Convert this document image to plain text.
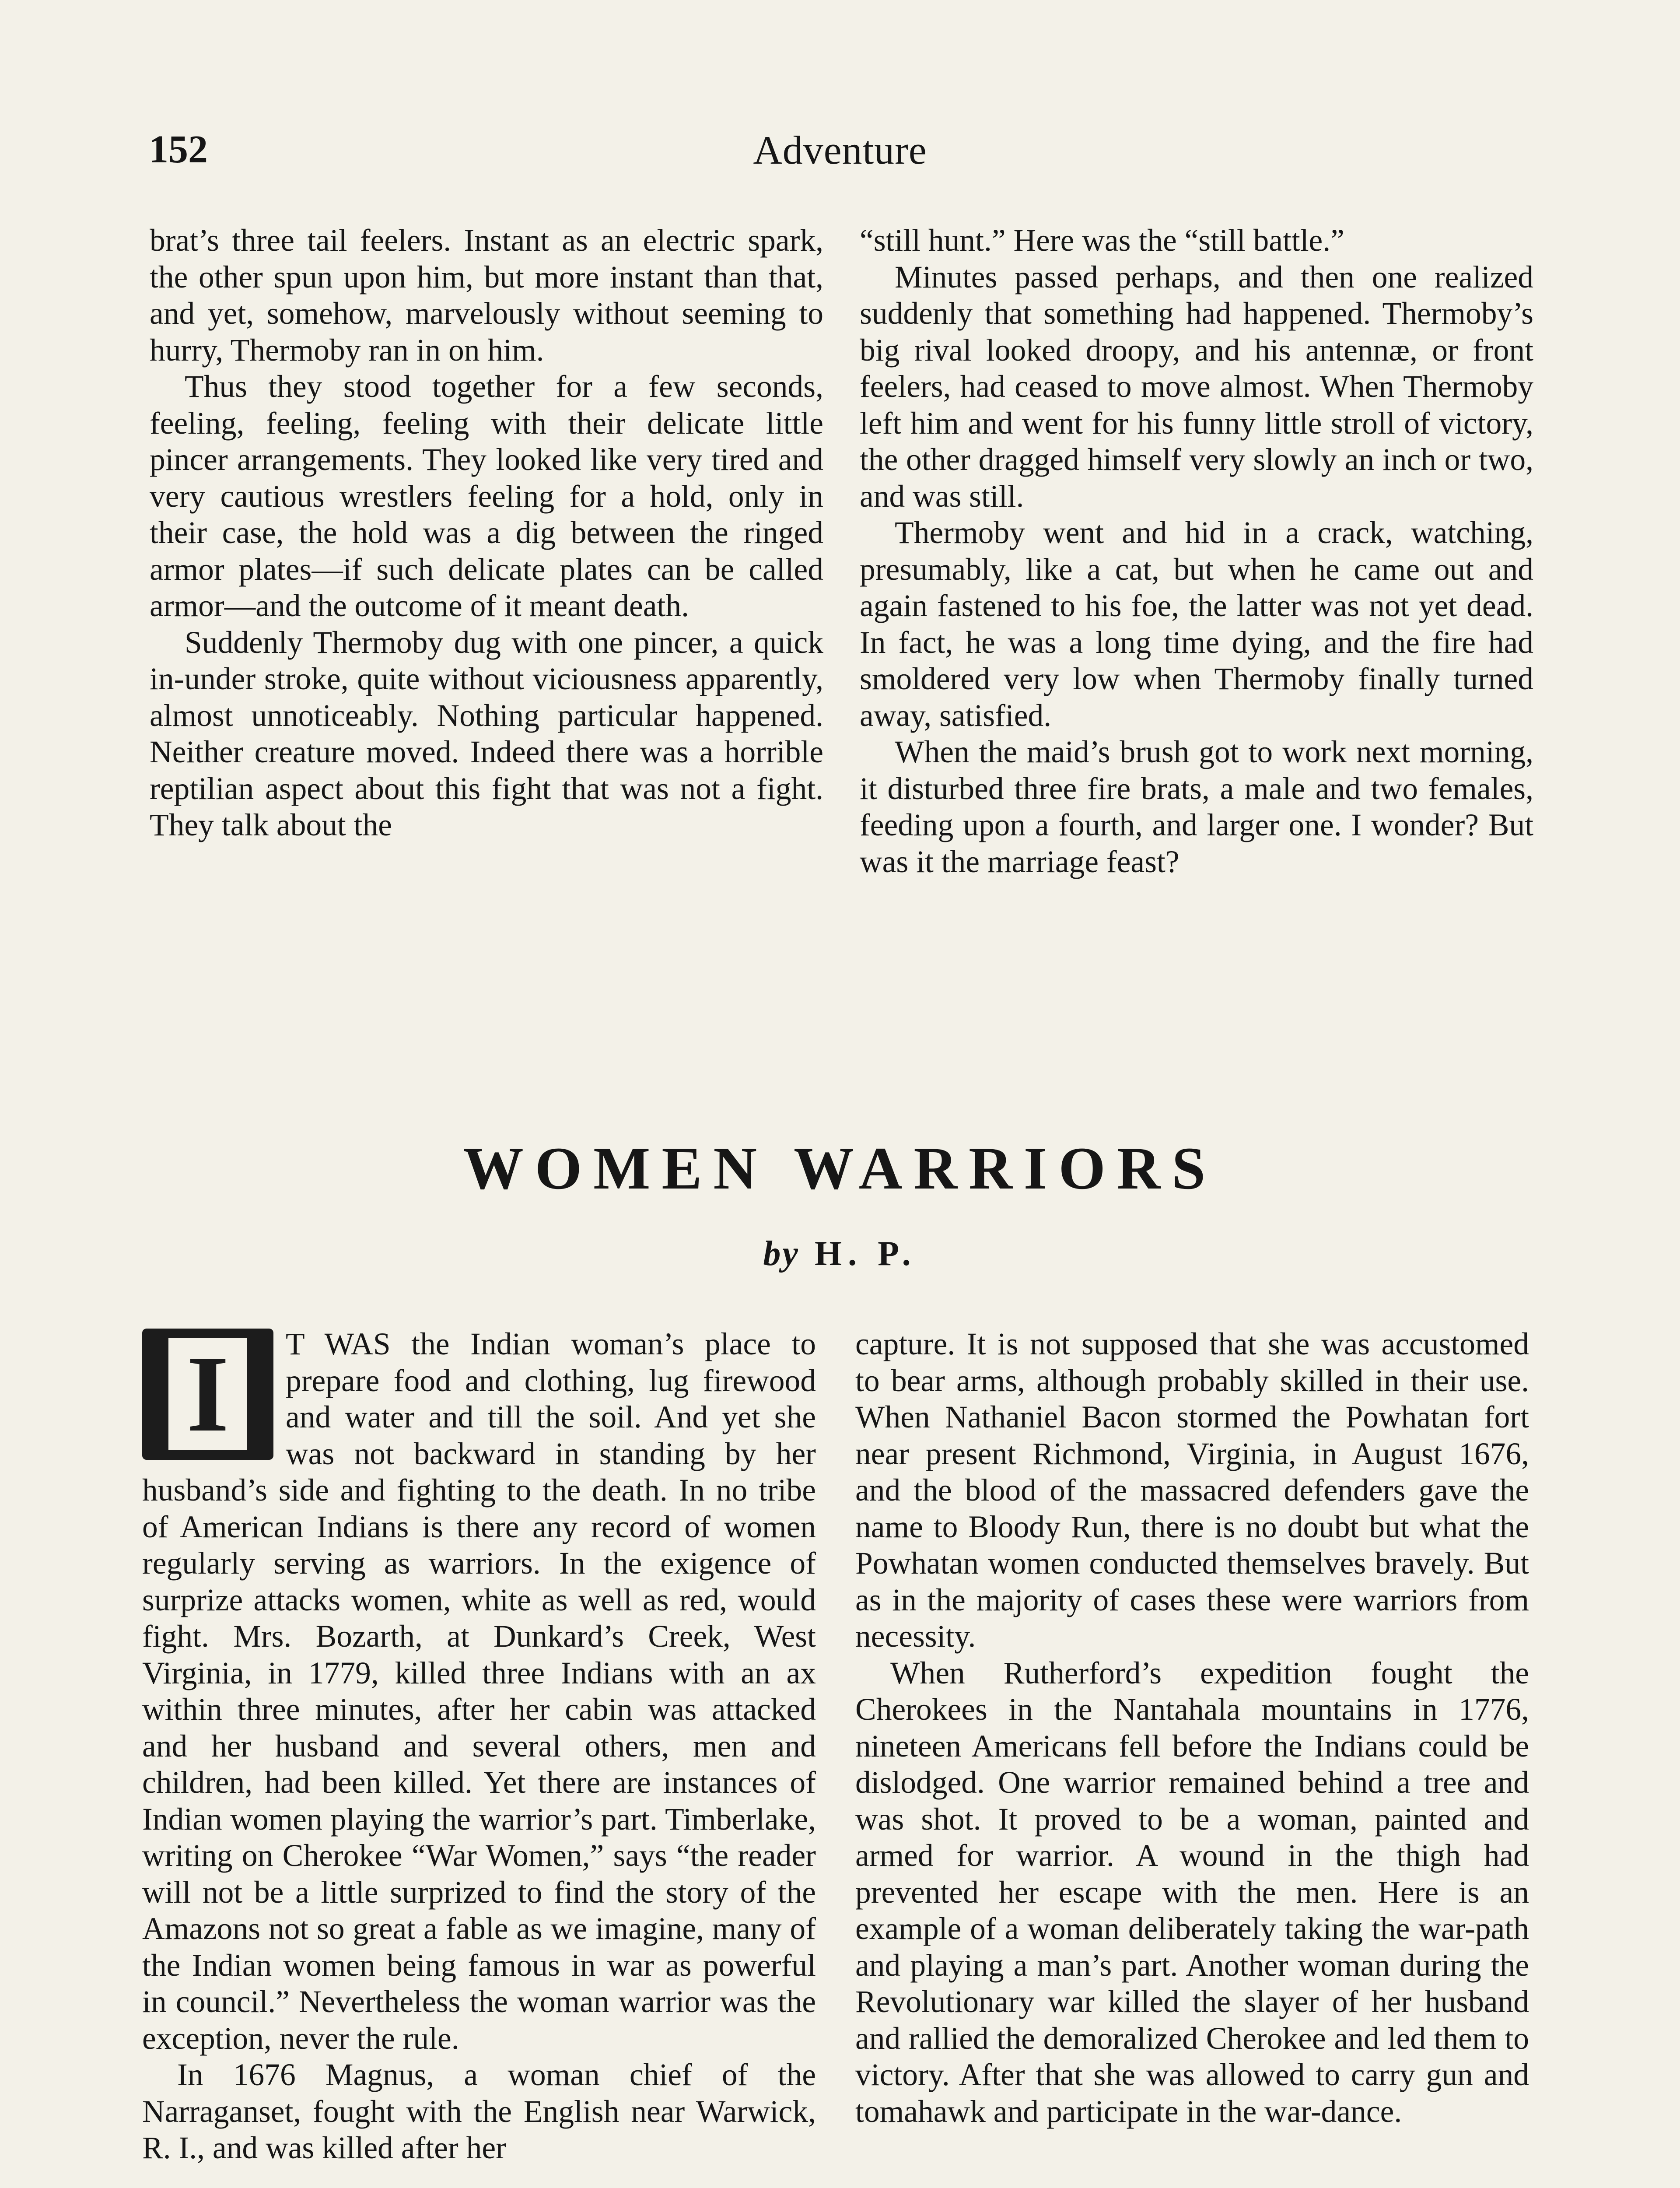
152	Adventure

brat’s three tail feelers. Instant as an electric spark, the other spun upon him, but more instant than that, and yet, somehow, marvelously without seeming to hurry, Thermoby ran in on him.

Thus they stood together for a few seconds, feeling, feeling, feeling with their delicate little pincer arrangements. They looked like very tired and very cautious wrestlers feeling for a hold, only in their case, the hold was a dig between the ringed armor plates—if such delicate plates can be called armor—and the outcome of it meant death.

Suddenly Thermoby dug with one pincer, a quick in-under stroke, quite without viciousness apparently, almost unnoticeably. Nothing particular happened. Neither creature moved. Indeed there was a horrible reptilian aspect about this fight that was not a fight. They talk about the

“still hunt.” Here was the “still battle.”

Minutes passed perhaps, and then one realized suddenly that something had happened. Thermoby’s big rival looked droopy, and his antennæ, or front feelers, had ceased to move almost. When Thermoby left him and went for his funny little stroll of victory, the other dragged himself very slowly an inch or two, and was still.

Thermoby went and hid in a crack, watching, presumably, like a cat, but when he came out and again fastened to his foe, the latter was not yet dead. In fact, he was a long time dying, and the fire had smoldered very low when Thermoby finally turned away, satisfied.

When the maid’s brush got to work next morning, it disturbed three fire brats, a male and two females, feeding upon a fourth, and larger one. I wonder? But was it the marriage feast?

WOMEN WARRIORS
by H. P.
I	T WAS the Indian woman’s place to prepare food and clothing, lug firewood and water and till the soil. And yet she was not backward in standing by her husband’s side and fighting to the death. In no tribe of American Indians is there any record of women regularly serving as warriors. In the exigence of surprize attacks women, white as well as red, would fight. Mrs. Bozarth, at Dunkard’s Creek, West Virginia, in 1779, killed three Indians with an ax within three minutes, after her cabin was attacked and her husband and several others, men and children, had been killed. Yet there are instances of Indian women playing the warrior’s part. Timberlake, writing on Cherokee “War Women,” says “the reader will not be a little surprized to find the story of the Amazons not so great a fable as we imagine, many of the Indian women being famous in war as powerful in council.” Nevertheless the woman warrior was the exception, never the rule.

In 1676 Magnus, a woman chief of the Narraganset, fought with the English near Warwick, R. I., and was killed after her

capture. It is not supposed that she was accustomed to bear arms, although probably skilled in their use. When Nathaniel Bacon stormed the Powhatan fort near present Richmond, Virginia, in August 1676, and the blood of the massacred defenders gave the name to Bloody Run, there is no doubt but what the Powhatan women conducted themselves bravely. But as in the majority of cases these were warriors from necessity.

When Rutherford’s expedition fought the Cherokees in the Nantahala mountains in 1776, nineteen Americans fell before the Indians could be dislodged. One warrior remained behind a tree and was shot. It proved to be a woman, painted and armed for warrior. A wound in the thigh had prevented her escape with the men. Here is an example of a woman deliberately taking the war-path and playing a man’s part. Another woman during the Revolutionary war killed the slayer of her husband and rallied the demoralized Cherokee and led them to victory. After that she was allowed to carry gun and tomahawk and participate in the war-dance.
